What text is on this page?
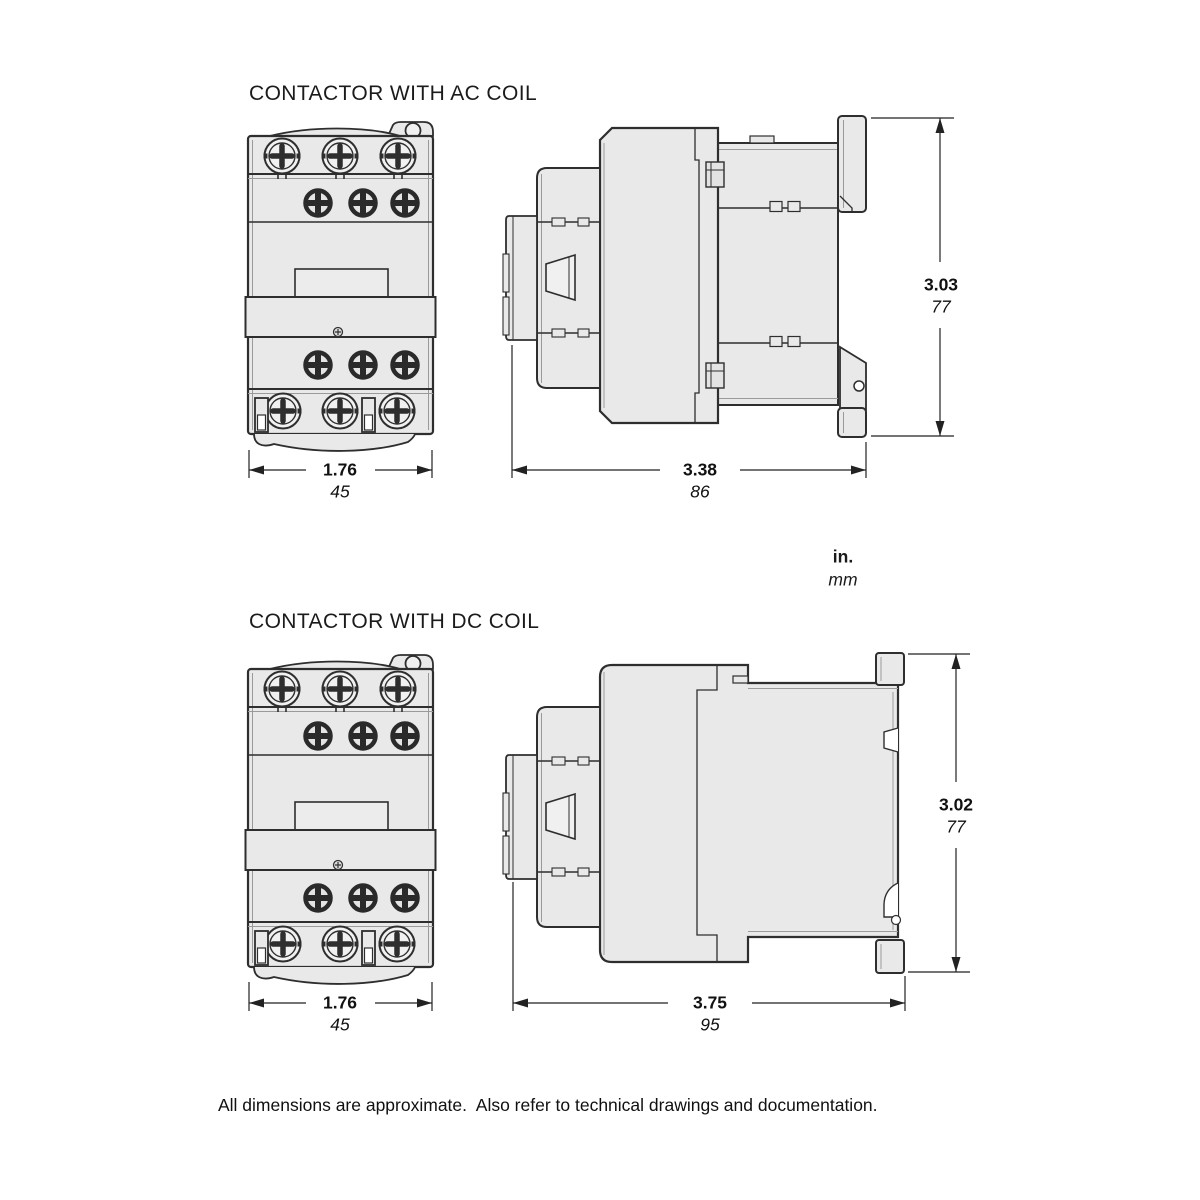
CONTACTOR WITH AC COIL
1.76
45
3.38
86
3.03
77
in.
mm
CONTACTOR WITH DC COIL
1.76
45
3.75
95
3.02
77
All dimensions are approximate.  Also refer to technical drawings and documentation.
